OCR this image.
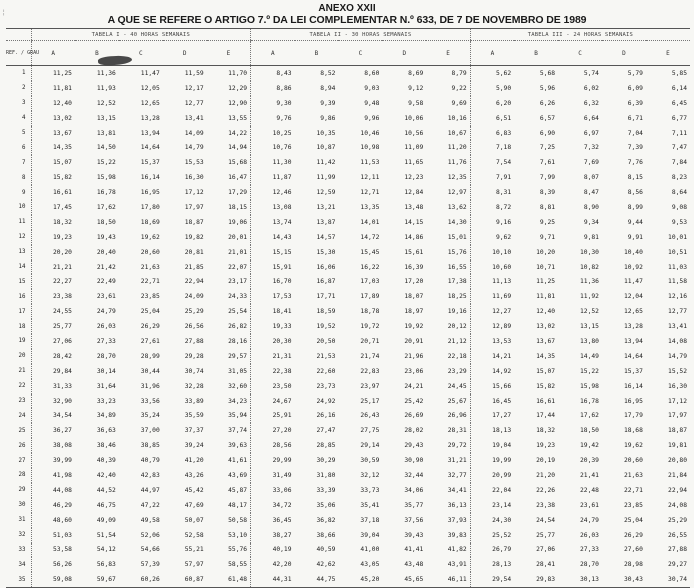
¦	ANEXO XXII
A QUE SE REFERE O ARTIGO 7.º DA LEI COMPLEMENTAR N.º 633, DE 7 DE NOVEMBRO DE 1989
	TABELA I - 40 HORAS SEMANAIS					TABELA II - 30 HORAS SEMANAIS					TABELA III - 24 HORAS SEMANAIS				
REF. / GRAU	A	B	C	D	E	A	B	C	D	E	A	B	C	D	E
1	11,25	11,36	11,47	11,59	11,70	8,43	8,52	8,60	8,69	8,79	5,62	5,68	5,74	5,79	5,85
2	11,81	11,93	12,05	12,17	12,29	8,86	8,94	9,03	9,12	9,22	5,90	5,96	6,02	6,09	6,14
3	12,40	12,52	12,65	12,77	12,90	9,30	9,39	9,48	9,58	9,69	6,20	6,26	6,32	6,39	6,45
4	13,02	13,15	13,28	13,41	13,55	9,76	9,86	9,96	10,06	10,16	6,51	6,57	6,64	6,71	6,77
5	13,67	13,81	13,94	14,09	14,22	10,25	10,35	10,46	10,56	10,67	6,83	6,90	6,97	7,04	7,11
6	14,35	14,50	14,64	14,79	14,94	10,76	10,87	10,98	11,09	11,20	7,18	7,25	7,32	7,39	7,47
7	15,07	15,22	15,37	15,53	15,68	11,30	11,42	11,53	11,65	11,76	7,54	7,61	7,69	7,76	7,84
8	15,82	15,98	16,14	16,30	16,47	11,87	11,99	12,11	12,23	12,35	7,91	7,99	8,07	8,15	8,23
9	16,61	16,78	16,95	17,12	17,29	12,46	12,59	12,71	12,84	12,97	8,31	8,39	8,47	8,56	8,64
10	17,45	17,62	17,80	17,97	18,15	13,08	13,21	13,35	13,48	13,62	8,72	8,81	8,90	8,99	9,08
11	18,32	18,50	18,69	18,87	19,06	13,74	13,87	14,01	14,15	14,30	9,16	9,25	9,34	9,44	9,53
12	19,23	19,43	19,62	19,82	20,01	14,43	14,57	14,72	14,86	15,01	9,62	9,71	9,81	9,91	10,01
13	20,20	20,40	20,60	20,81	21,01	15,15	15,30	15,45	15,61	15,76	10,10	10,20	10,30	10,40	10,51
14	21,21	21,42	21,63	21,85	22,07	15,91	16,06	16,22	16,39	16,55	10,60	10,71	10,82	10,92	11,03
15	22,27	22,49	22,71	22,94	23,17	16,70	16,87	17,03	17,20	17,38	11,13	11,25	11,36	11,47	11,58
16	23,38	23,61	23,85	24,09	24,33	17,53	17,71	17,89	18,07	18,25	11,69	11,81	11,92	12,04	12,16
17	24,55	24,79	25,04	25,29	25,54	18,41	18,59	18,78	18,97	19,16	12,27	12,40	12,52	12,65	12,77
18	25,77	26,03	26,29	26,56	26,82	19,33	19,52	19,72	19,92	20,12	12,89	13,02	13,15	13,28	13,41
19	27,06	27,33	27,61	27,88	28,16	20,30	20,50	20,71	20,91	21,12	13,53	13,67	13,80	13,94	14,08
20	28,42	28,70	28,99	29,28	29,57	21,31	21,53	21,74	21,96	22,18	14,21	14,35	14,49	14,64	14,79
21	29,84	30,14	30,44	30,74	31,05	22,38	22,60	22,83	23,06	23,29	14,92	15,07	15,22	15,37	15,52
22	31,33	31,64	31,96	32,28	32,60	23,50	23,73	23,97	24,21	24,45	15,66	15,82	15,98	16,14	16,30
23	32,90	33,23	33,56	33,89	34,23	24,67	24,92	25,17	25,42	25,67	16,45	16,61	16,78	16,95	17,12
24	34,54	34,89	35,24	35,59	35,94	25,91	26,16	26,43	26,69	26,96	17,27	17,44	17,62	17,79	17,97
25	36,27	36,63	37,00	37,37	37,74	27,20	27,47	27,75	28,02	28,31	18,13	18,32	18,50	18,68	18,87
26	38,08	38,46	38,85	39,24	39,63	28,56	28,85	29,14	29,43	29,72	19,04	19,23	19,42	19,62	19,81
27	39,99	40,39	40,79	41,20	41,61	29,99	30,29	30,59	30,90	31,21	19,99	20,19	20,39	20,60	20,80
28	41,98	42,40	42,83	43,26	43,69	31,49	31,80	32,12	32,44	32,77	20,99	21,20	21,41	21,63	21,84
29	44,08	44,52	44,97	45,42	45,87	33,06	33,39	33,73	34,06	34,41	22,04	22,26	22,48	22,71	22,94
30	46,29	46,75	47,22	47,69	48,17	34,72	35,06	35,41	35,77	36,13	23,14	23,38	23,61	23,85	24,08
31	48,60	49,09	49,58	50,07	50,58	36,45	36,82	37,18	37,56	37,93	24,30	24,54	24,79	25,04	25,29
32	51,03	51,54	52,06	52,58	53,10	38,27	38,66	39,04	39,43	39,83	25,52	25,77	26,03	26,29	26,55
33	53,58	54,12	54,66	55,21	55,76	40,19	40,59	41,00	41,41	41,82	26,79	27,06	27,33	27,60	27,88
34	56,26	56,83	57,39	57,97	58,55	42,20	42,62	43,05	43,48	43,91	28,13	28,41	28,70	28,98	29,27
35	59,08	59,67	60,26	60,87	61,48	44,31	44,75	45,20	45,65	46,11	29,54	29,83	30,13	30,43	30,74
